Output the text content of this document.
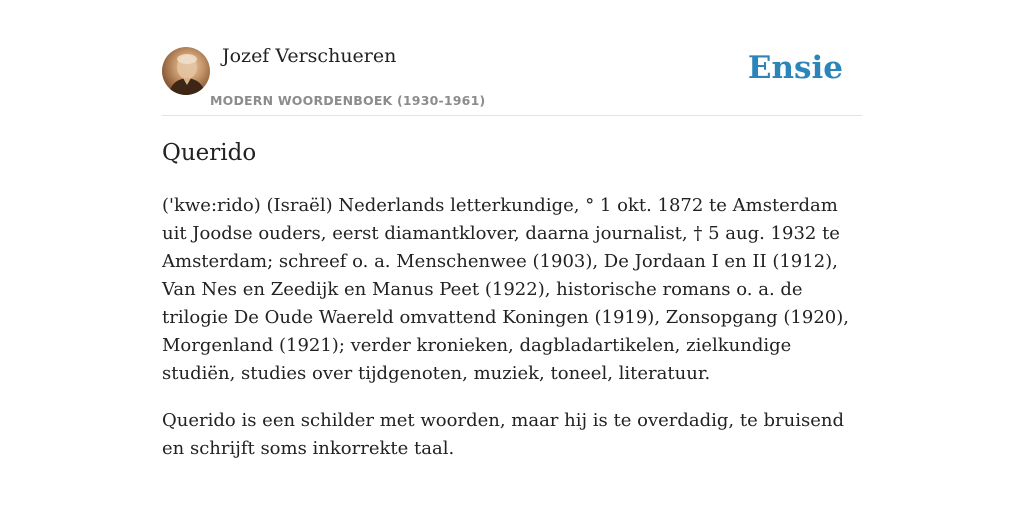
Jozef Verschueren
MODERN WOORDENBOEK (1930-1961)
Ensie
Querido

('kwe:rido) (Israël) Nederlands letterkundige, ° 1 okt. 1872 te Amsterdam uit Joodse ouders, eerst diamantklover, daarna journalist, † 5 aug. 1932 te Amsterdam; schreef o. a. Menschenwee (1903), De Jordaan I en II (1912), Van Nes en Zeedijk en Manus Peet (1922), historische romans o. a. de trilogie De Oude Waereld omvattend Koningen (1919), Zonsopgang (1920), Morgenland (1921); verder kronieken, dagbladartikelen, zielkundige studiën, studies over tijdgenoten, muziek, toneel, literatuur.

Querido is een schilder met woorden, maar hij is te overdadig, te bruisend en schrijft soms inkorrekte taal.
